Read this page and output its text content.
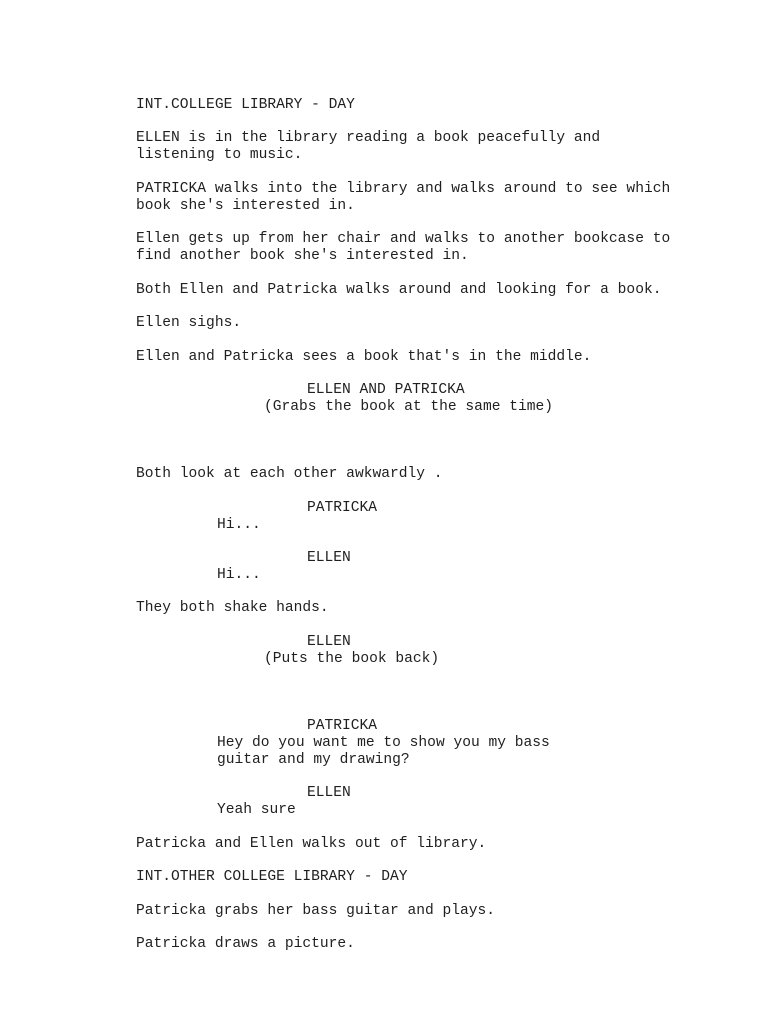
INT.COLLEGE LIBRARY - DAY
ELLEN is in the library reading a book peacefully and
listening to music.
PATRICKA walks into the library and walks around to see which
book she's interested in.
Ellen gets up from her chair and walks to another bookcase to
find another book she's interested in.
Both Ellen and Patricka walks around and looking for a book.
Ellen sighs.
Ellen and Patricka sees a book that's in the middle.
ELLEN AND PATRICKA
(Grabs the book at the same time)
Both look at each other awkwardly .
PATRICKA
Hi...
ELLEN
Hi...
They both shake hands.
ELLEN
(Puts the book back)
PATRICKA
Hey do you want me to show you my bass
guitar and my drawing?
ELLEN
Yeah sure
Patricka and Ellen walks out of library.
INT.OTHER COLLEGE LIBRARY - DAY
Patricka grabs her bass guitar and plays.
Patricka draws a picture.
